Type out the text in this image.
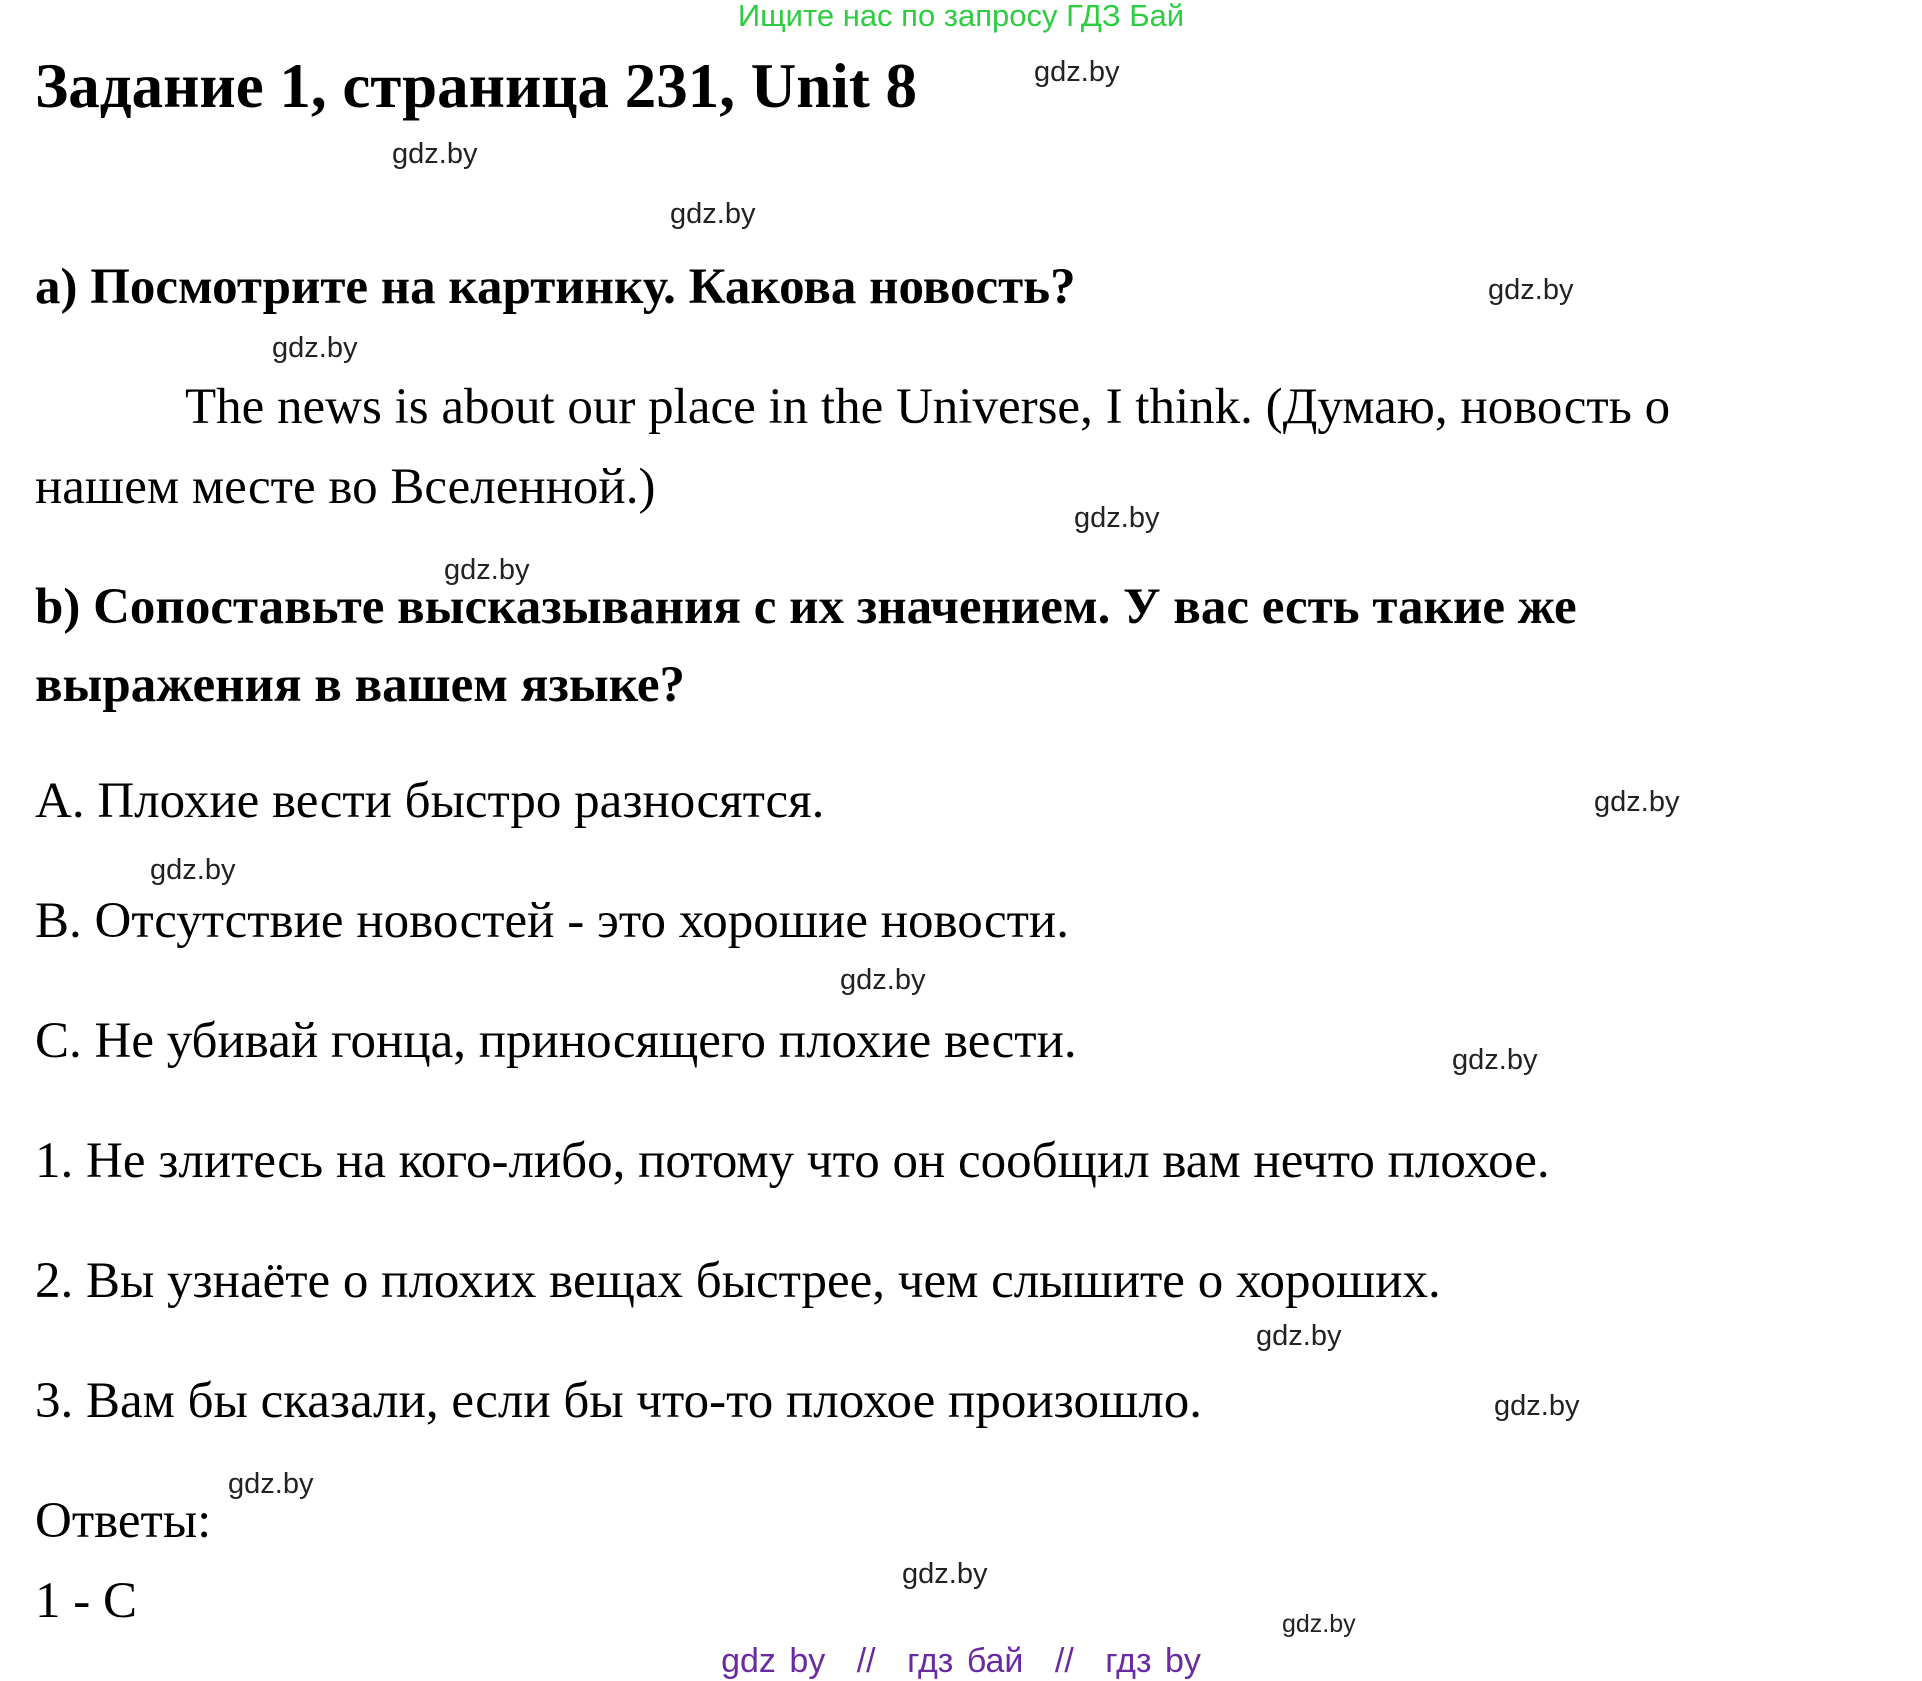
Ищите нас по запросу ГДЗ Бай
Задание 1, страница 231, Unit 8
a) Посмотрите на картинку. Какова новость?
The news is about our place in the Universe, I think. (Думаю, новость о
нашем месте во Вселенной.)
b) Сопоставьте высказывания с их значением. У вас есть такие же
выражения в вашем языке?
А. Плохие вести быстро разносятся.
В. Отсутствие новостей - это хорошие новости.
С. Не убивай гонца, приносящего плохие вести.
1. Не злитесь на кого-либо, потому что он сообщил вам нечто плохое.
2. Вы узнаёте о плохих вещах быстрее, чем слышите о хороших.
3. Вам бы сказали, если бы что-то плохое произошло.
Ответы:
1 - С
gdz.by
gdz.by
gdz.by
gdz.by
gdz.by
gdz.by
gdz.by
gdz.by
gdz.by
gdz.by
gdz.by
gdz.by
gdz.by
gdz.by
gdz.by
gdz.by
gdz by // гдз бай // гдз by
